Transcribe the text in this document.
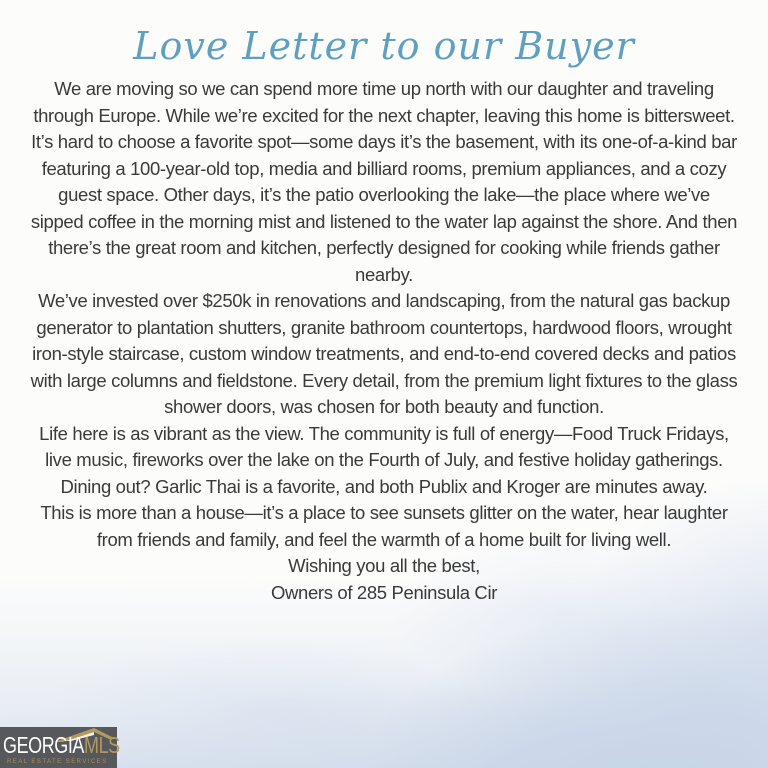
Love Letter to our Buyer

We are moving so we can spend more time up north with our daughter and traveling through Europe. While we’re excited for the next chapter, leaving this home is bittersweet.

It’s hard to choose a favorite spot—some days it’s the basement, with its one-of-a-kind bar featuring a 100-year-old top, media and billiard rooms, premium appliances, and a cozy guest space. Other days, it’s the patio overlooking the lake—the place where we’ve sipped coffee in the morning mist and listened to the water lap against the shore. And then there’s the great room and kitchen, perfectly designed for cooking while friends gather nearby.

We’ve invested over $250k in renovations and landscaping, from the natural gas backup generator to plantation shutters, granite bathroom countertops, hardwood floors, wrought iron-style staircase, custom window treatments, and end-to-end covered decks and patios with large columns and fieldstone. Every detail, from the premium light fixtures to the glass shower doors, was chosen for both beauty and function.

Life here is as vibrant as the view. The community is full of energy—Food Truck Fridays, live music, fireworks over the lake on the Fourth of July, and festive holiday gatherings. Dining out? Garlic Thai is a favorite, and both Publix and Kroger are minutes away.

This is more than a house—it’s a place to see sunsets glitter on the water, hear laughter from friends and family, and feel the warmth of a home built for living well.

Wishing you all the best,

Owners of 285 Peninsula Cir

GEORGIAMLS
REAL ESTATE SERVICES
